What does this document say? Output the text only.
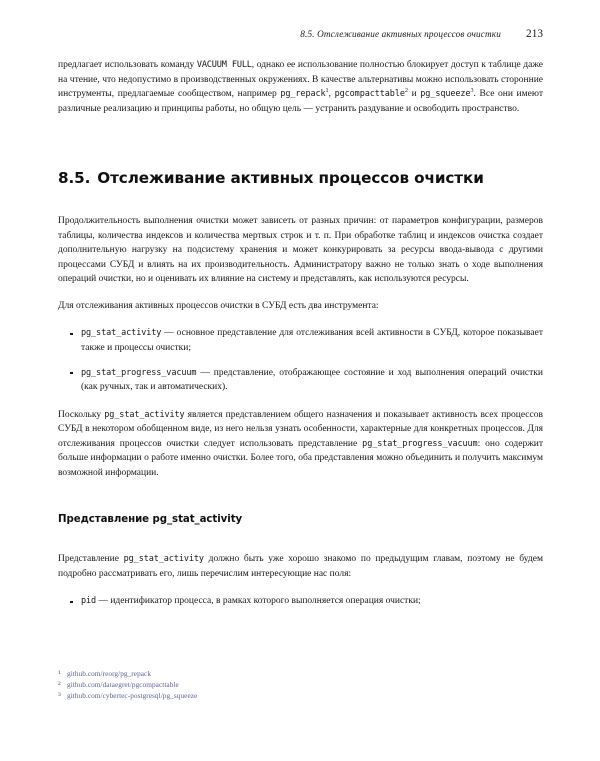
8.5. Отслеживание активных процессов очистки	213

предлагает использовать команду VACUUM FULL, однако ее использование полностью блокирует доступ к таблице даже на чтение, что недопустимо в производственных окружениях. В качестве альтернативы можно использовать сторонние инструменты, предлагаемые сообществом, например pg_repack$^1$, pgcompacttable$^2$ и pg_squeeze$^3$. Все они имеют различные реализацию и принципы работы, но общую цель — устранить раздувание и освободить пространство.

8.5. Отслеживание активных процессов очистки

Продолжительность выполнения очистки может зависеть от разных причин: от параметров конфигурации, размеров таблицы, количества индексов и количества мертвых строк и т. п. При обработке таблиц и индексов очистка создает дополнительную нагрузку на подсистему хранения и может конкурировать за ресурсы ввода-вывода с другими процессами СУБД и влиять на их производительность. Администратору важно не только знать о ходе выполнения операций очистки, но и оценивать их влияние на систему и представлять, как используются ресурсы.

Для отслеживания активных процессов очистки в СУБД есть два инструмента:

pg_stat_activity — основное представление для отслеживания всей активности в СУБД, которое показывает также и процессы очистки;
pg_stat_progress_vacuum — представление, отображающее состояние и ход выполнения операций очистки (как ручных, так и автоматических).

Поскольку pg_stat_activity является представлением общего назначения и показывает активность всех процессов СУБД в некотором обобщенном виде, из него нельзя узнать особенности, характерные для конкретных процессов. Для отслеживания процессов очистки следует использовать представление pg_stat_progress_vacuum: оно содержит больше информации о работе именно очистки. Более того, оба представления можно объединить и получить максимум возможной информации.

Представление pg_stat_activity

Представление pg_stat_activity должно быть уже хорошо знакомо по предыдущим главам, поэтому не будем подробно рассматривать его, лишь перечислим интересующие нас поля:

pid — идентификатор процесса, в рамках которого выполняется операция очистки;
1 github.com/reorg/pg_repack
2 github.com/dataegret/pgcompacttable
3 github.com/cybertec-postgresql/pg_squeeze
